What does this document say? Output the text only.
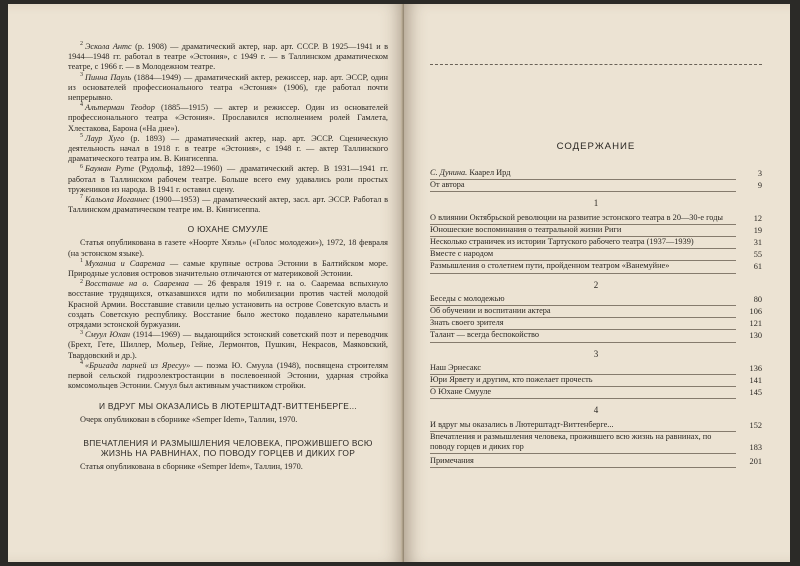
$^2$ Эскола Антс (р. 1908) — драматический актер, нар. арт. СССР. В 1925—1941 и в 1944—1948 гг. работал в театре «Эстония», с 1949 г. — в Таллинском драматическом театре, с 1966 г. — в Молодежном театре.

$^3$ Пинна Пауль (1884—1949) — драматический актер, режиссер, нар. арт. ЭССР, один из основателей профессионального театра «Эстония» (1906), где работал почти непрерывно.

$^4$ Альтерман Теодор (1885—1915) — актер и режиссер. Один из основателей профессионального театра «Эстония». Прославился исполнением ролей Гамлета, Хлестакова, Барона («На дне»).

$^5$ Лаур Хуго (р. 1893) — драматический актер, нар. арт. ЭССР. Сценическую деятельность начал в 1918 г. в театре «Эстония», с 1948 г. — актер Таллинского драматического театра им. В. Кингисеппа.

$^6$ Бауман Руте (Рудольф, 1892—1960) — драматический актер. В 1931—1941 гг. работал в Таллинском рабочем театре. Больше всего ему удавались роли простых тружеников из народа. В 1941 г. оставил сцену.

$^7$ Кальола Иоганнес (1900—1953) — драматический актер, засл. арт. ЭССР. Работал в Таллинском драматическом театре им. В. Кингисеппа.

О ЮХАНЕ СМУУЛЕ

Статья опубликована в газете «Ноорте Хяэль» («Голос молодежи»), 1972, 18 февраля (на эстонском языке).

$^1$ Муханиа и Сааремаа — самые крупные острова Эстонии в Балтийском море. Природные условия островов значительно отличаются от материковой Эстонии.

$^2$ Восстание на о. Сааремаа — 26 февраля 1919 г. на о. Сааремаа вспыхнуло восстание трудящихся, отказавшихся идти по мобилизации против частей молодой Красной Армии. Восставшие ставили целью установить на острове Советскую власть и создать Советскую республику. Восстание было жестоко подавлено карательными отрядами эстонской буржуазии.

$^3$ Смуул Юхан (1914—1969) — выдающийся эстонский советский поэт и переводчик (Брехт, Гете, Шиллер, Мольер, Гейне, Лермонтов, Пушкин, Некрасов, Маяковский, Твардовский и др.).

$^4$ «Бригада парней из Яресуу» — поэма Ю. Смуула (1948), посвящена строителям первой сельской гидроэлектростанции в послевоенной Эстонии, ударная стройка комсомольцев Эстонии. Смуул был активным участником стройки.

И ВДРУГ МЫ ОКАЗАЛИСЬ В ЛЮТЕРШТАДТ-ВИТТЕНБЕРГЕ...

Очерк опубликован в сборнике «Semper Idem», Таллин, 1970.

ВПЕЧАТЛЕНИЯ И РАЗМЫШЛЕНИЯ ЧЕЛОВЕКА, ПРОЖИВШЕГО ВСЮ ЖИЗНЬ НА РАВНИНАХ, ПО ПОВОДУ ГОРЦЕВ И ДИКИХ ГОР

Статья опубликована в сборнике «Semper Idem», Таллин, 1970.

СОДЕРЖАНИЕ
С. Дунина. Каарел Ирд	3
От автора	9
1
О влиянии Октябрьской революции на развитие эстонского театра в 20—30-е годы	12
Юношеские воспоминания о театральной жизни Риги	19
Несколько страничек из истории Тартуского рабочего театра (1937—1939)	31
Вместе с народом	55
Размышления о столетнем пути, пройденном театром «Ванемуйне»	61
2
Беседы с молодежью	80
Об обучении и воспитании актера	106
Знать своего зрителя	121
Талант — всегда беспокойство	130
3
Наш Эрнесакс	136
Юри Ярвету и другим, кто пожелает прочесть	141
О Юхане Смууле	145
4
И вдруг мы оказались в Лютерштадт-Виттенберге...	152
Впечатления и размышления человека, прожившего всю жизнь на равнинах, по поводу горцев и диких гор	183
Примечания	201
